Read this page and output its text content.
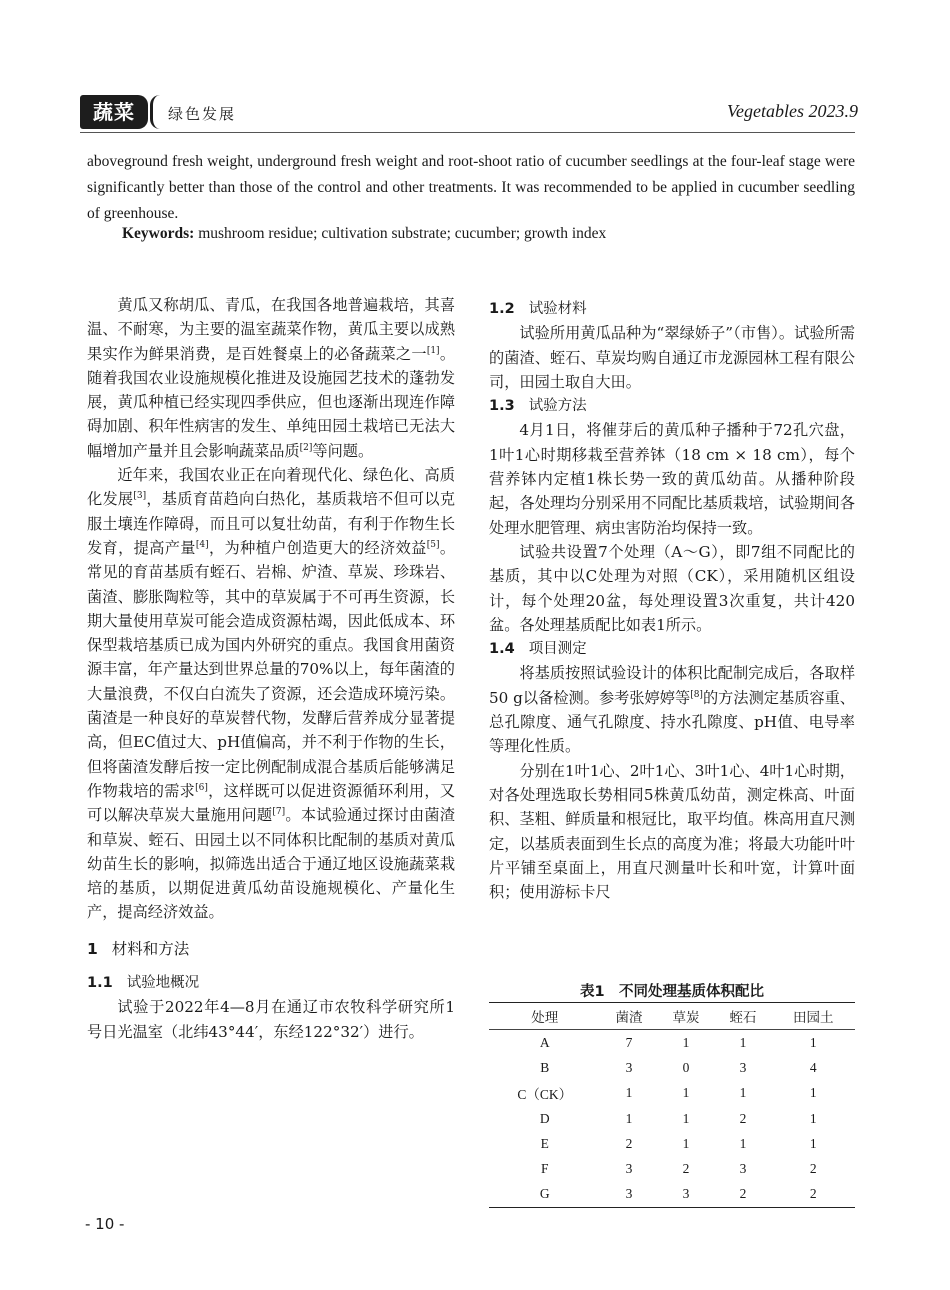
蔬菜	绿色发展	Vegetables 2023.9
aboveground fresh weight, underground fresh weight and root-shoot ratio of cucumber seedlings at the four-leaf stage were significantly better than those of the control and other treatments. It was recommended to be applied in cucumber seedling of greenhouse.
Keywords: mushroom residue; cultivation substrate; cucumber; growth index

黄瓜又称胡瓜、青瓜，在我国各地普遍栽培，其喜温、不耐寒，为主要的温室蔬菜作物，黄瓜主要以成熟果实作为鲜果消费，是百姓餐桌上的必备蔬菜之一[1]。随着我国农业设施规模化推进及设施园艺技术的蓬勃发展，黄瓜种植已经实现四季供应，但也逐渐出现连作障碍加剧、积年性病害的发生、单纯田园土栽培已无法大幅增加产量并且会影响蔬菜品质[2]等问题。

近年来，我国农业正在向着现代化、绿色化、高质化发展[3]，基质育苗趋向白热化，基质栽培不但可以克服土壤连作障碍，而且可以复壮幼苗，有利于作物生长发育，提高产量[4]，为种植户创造更大的经济效益[5]。常见的育苗基质有蛭石、岩棉、炉渣、草炭、珍珠岩、菌渣、膨胀陶粒等，其中的草炭属于不可再生资源，长期大量使用草炭可能会造成资源枯竭，因此低成本、环保型栽培基质已成为国内外研究的重点。我国食用菌资源丰富，年产量达到世界总量的70%以上，每年菌渣的大量浪费，不仅白白流失了资源，还会造成环境污染。菌渣是一种良好的草炭替代物，发酵后营养成分显著提高，但EC值过大、pH值偏高，并不利于作物的生长，但将菌渣发酵后按一定比例配制成混合基质后能够满足作物栽培的需求[6]，这样既可以促进资源循环利用，又可以解决草炭大量施用问题[7]。本试验通过探讨由菌渣和草炭、蛭石、田园土以不同体积比配制的基质对黄瓜幼苗生长的影响，拟筛选出适合于通辽地区设施蔬菜栽培的基质，以期促进黄瓜幼苗设施规模化、产量化生产，提高经济效益。

1 材料和方法
1.1 试验地概况

试验于2022年4—8月在通辽市农牧科学研究所1号日光温室（北纬43°44′，东经122°32′）进行。

1.2 试验材料

试验所用黄瓜品种为“翠绿娇子”（市售）。试验所需的菌渣、蛭石、草炭均购自通辽市龙源园林工程有限公司，田园土取自大田。

1.3 试验方法

4月1日，将催芽后的黄瓜种子播种于72孔穴盘，1叶1心时期移栽至营养钵（18 cm × 18 cm），每个营养钵内定植1株长势一致的黄瓜幼苗。从播种阶段起，各处理均分别采用不同配比基质栽培，试验期间各处理水肥管理、病虫害防治均保持一致。

试验共设置7个处理（A～G），即7组不同配比的基质，其中以C处理为对照（CK），采用随机区组设计，每个处理20盆，每处理设置3次重复，共计420盆。各处理基质配比如表1所示。

1.4 项目测定

将基质按照试验设计的体积比配制完成后，各取样50 g以备检测。参考张婷婷等[8]的方法测定基质容重、总孔隙度、通气孔隙度、持水孔隙度、pH值、电导率等理化性质。

分别在1叶1心、2叶1心、3叶1心、4叶1心时期，对各处理选取长势相同5株黄瓜幼苗，测定株高、叶面积、茎粗、鲜质量和根冠比，取平均值。株高用直尺测定，以基质表面到生长点的高度为准；将最大功能叶叶片平铺至桌面上，用直尺测量叶长和叶宽，计算叶面积；使用游标卡尺

表1　不同处理基质体积配比
处理	菌渣	草炭	蛭石	田园土
A	7	1	1	1
B	3	0	3	4
C（CK）	1	1	1	1
D	1	1	2	1
E	2	1	1	1
F	3	2	3	2
G	3	3	2	2
- 10 -
